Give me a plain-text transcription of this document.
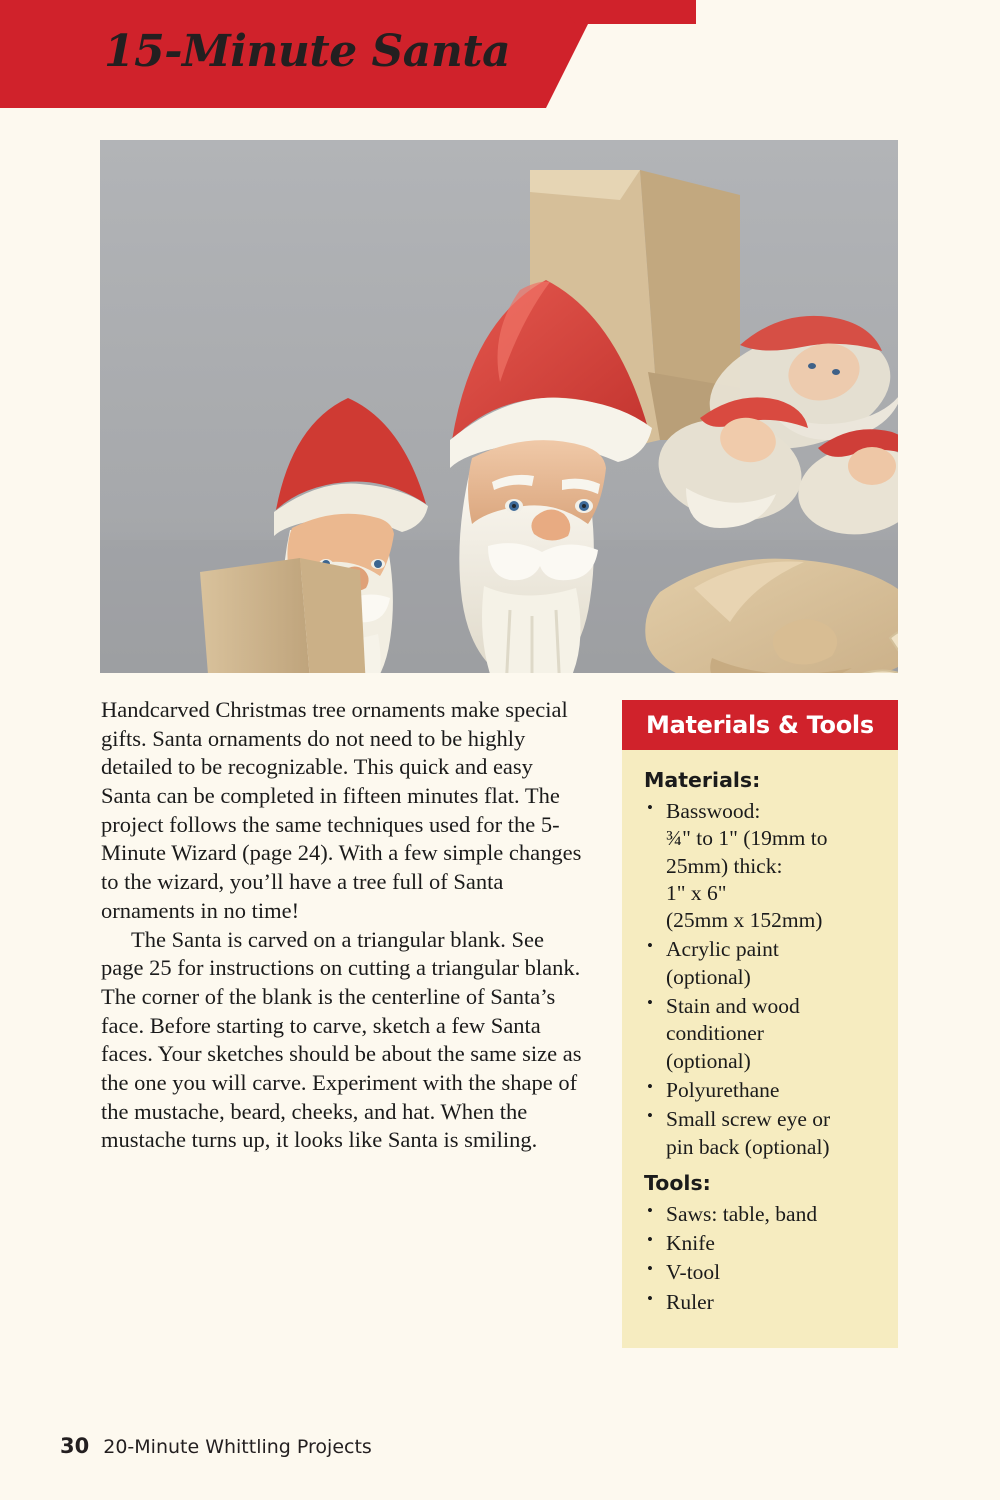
15-Minute Santa

Handcarved Christmas tree ornaments make special gifts. Santa ornaments do not need to be highly detailed to be recognizable. This quick and easy Santa can be completed in fifteen minutes flat. The project follows the same techniques used for the 5-Minute Wizard (page 24). With a few simple changes to the wizard, you’ll have a tree full of Santa ornaments in no time!

The Santa is carved on a triangular blank. See page 25 for instructions on cutting a triangular blank. The corner of the blank is the centerline of Santa’s face. Before starting to carve, sketch a few Santa faces. Your sketches should be about the same size as the one you will carve. Experiment with the shape of the mustache, beard, cheeks, and hat. When the mustache turns up, it looks like Santa is smiling.

Materials & Tools
Materials:
• Basswood:
¾" to 1" (19mm to
25mm) thick:
1" x 6"
(25mm x 152mm)
• Acrylic paint
(optional)
• Stain and wood
conditioner
(optional)
• Polyurethane
• Small screw eye or
pin back (optional)
Tools:
• Saws: table, band
• Knife
• V-tool
• Ruler
30 20-Minute Whittling Projects
